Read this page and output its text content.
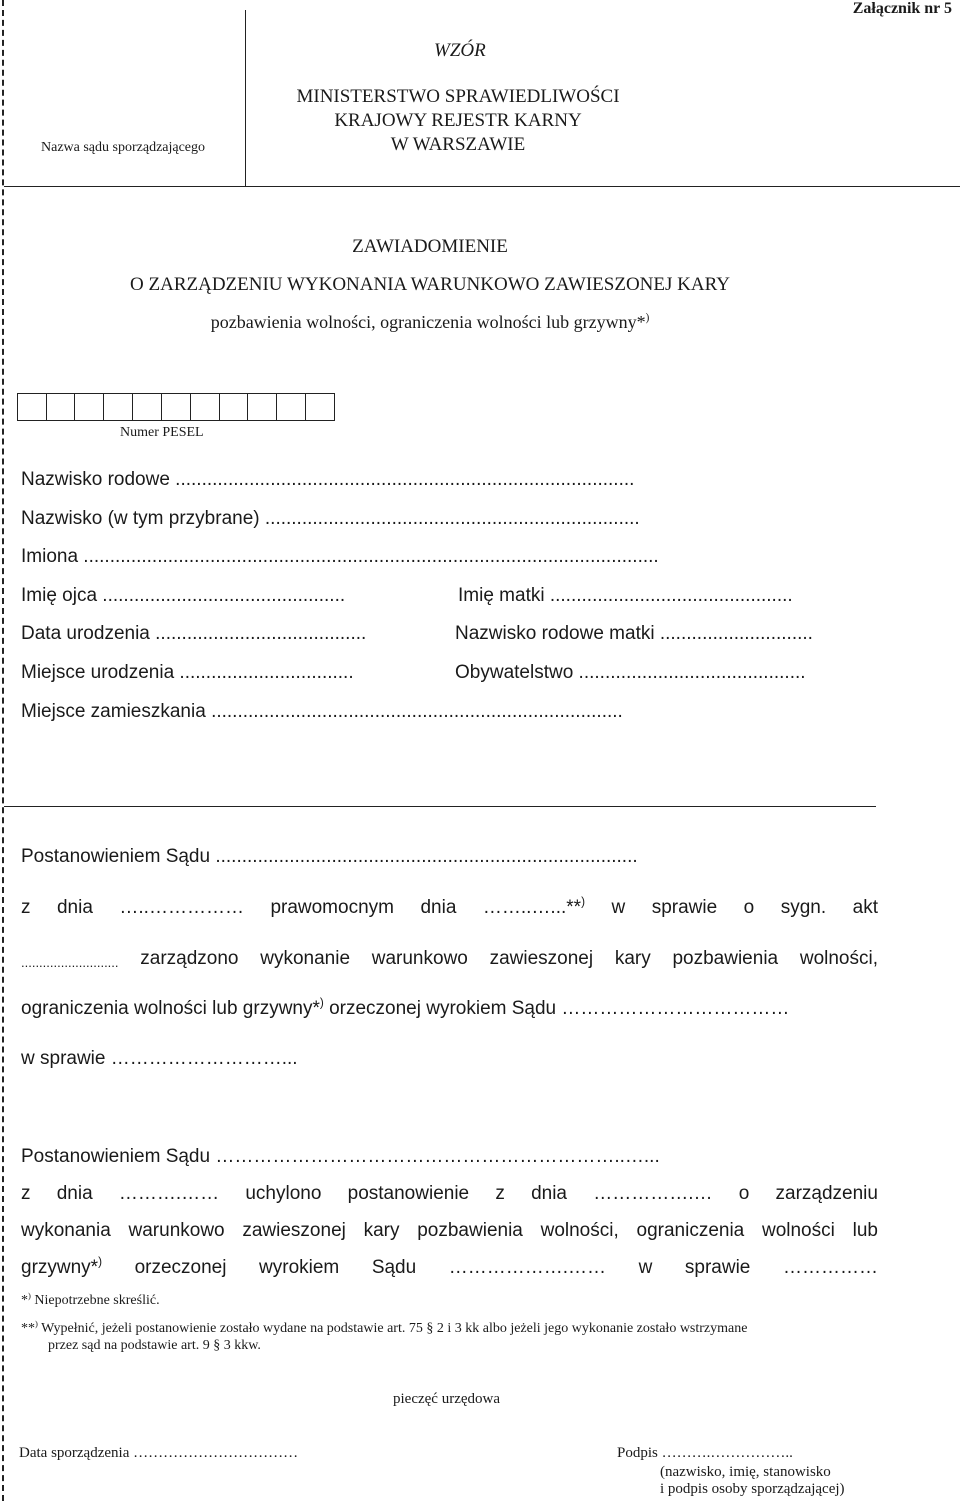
Załącznik nr 5
Nazwa sądu sporządzającego
WZÓR
MINISTERSTWO SPRAWIEDLIWOŚCI
KRAJOWY REJESTR KARNY
W WARSZAWIE
ZAWIADOMIENIE
O ZARZĄDZENIU WYKONANIA WARUNKOWO ZAWIESZONEJ KARY
pozbawienia wolności, ograniczenia wolności lub grzywny*)
Numer PESEL
Nazwisko rodowe .......................................................................................
Nazwisko (w tym przybrane) .......................................................................
Imiona .............................................................................................................
Imię ojca ..............................................	Imię matki ..............................................
Data urodzenia ........................................	Nazwisko rodowe matki .............................
Miejsce urodzenia .................................	Obywatelstwo ...........................................
Miejsce zamieszkania ..............................................................................
Postanowieniem Sądu ................................................................................
z dnia …..…………… prawomocnym dnia ……..…...**) w sprawie o sygn. akt
........................... zarządzono wykonanie warunkowo zawieszonej kary pozbawienia wolności,
ograniczenia wolności lub grzywny*) orzeczonej wyrokiem Sądu ………………………………
w sprawie ………………………...
Postanowieniem Sądu ………………………………………………………..…...
z dnia ……….…… uchylono postanowienie z dnia …………….… o zarządzeniu
wykonania warunkowo zawieszonej kary pozbawienia wolności, ograniczenia wolności lub
grzywny*) orzeczonej wyrokiem Sądu ……………….…… w sprawie ……………
*) Niepotrzebne skreślić.
**) Wypełnić, jeżeli postanowienie zostało wydane na podstawie art. 75 § 2 i 3 kk albo jeżeli jego wykonanie zostało wstrzymane
przez sąd na podstawie art. 9 § 3 kkw.
pieczęć urzędowa
Data sporządzenia ……………………………	Podpis ……….……………..
(nazwisko, imię, stanowisko
i podpis osoby sporządzającej)
